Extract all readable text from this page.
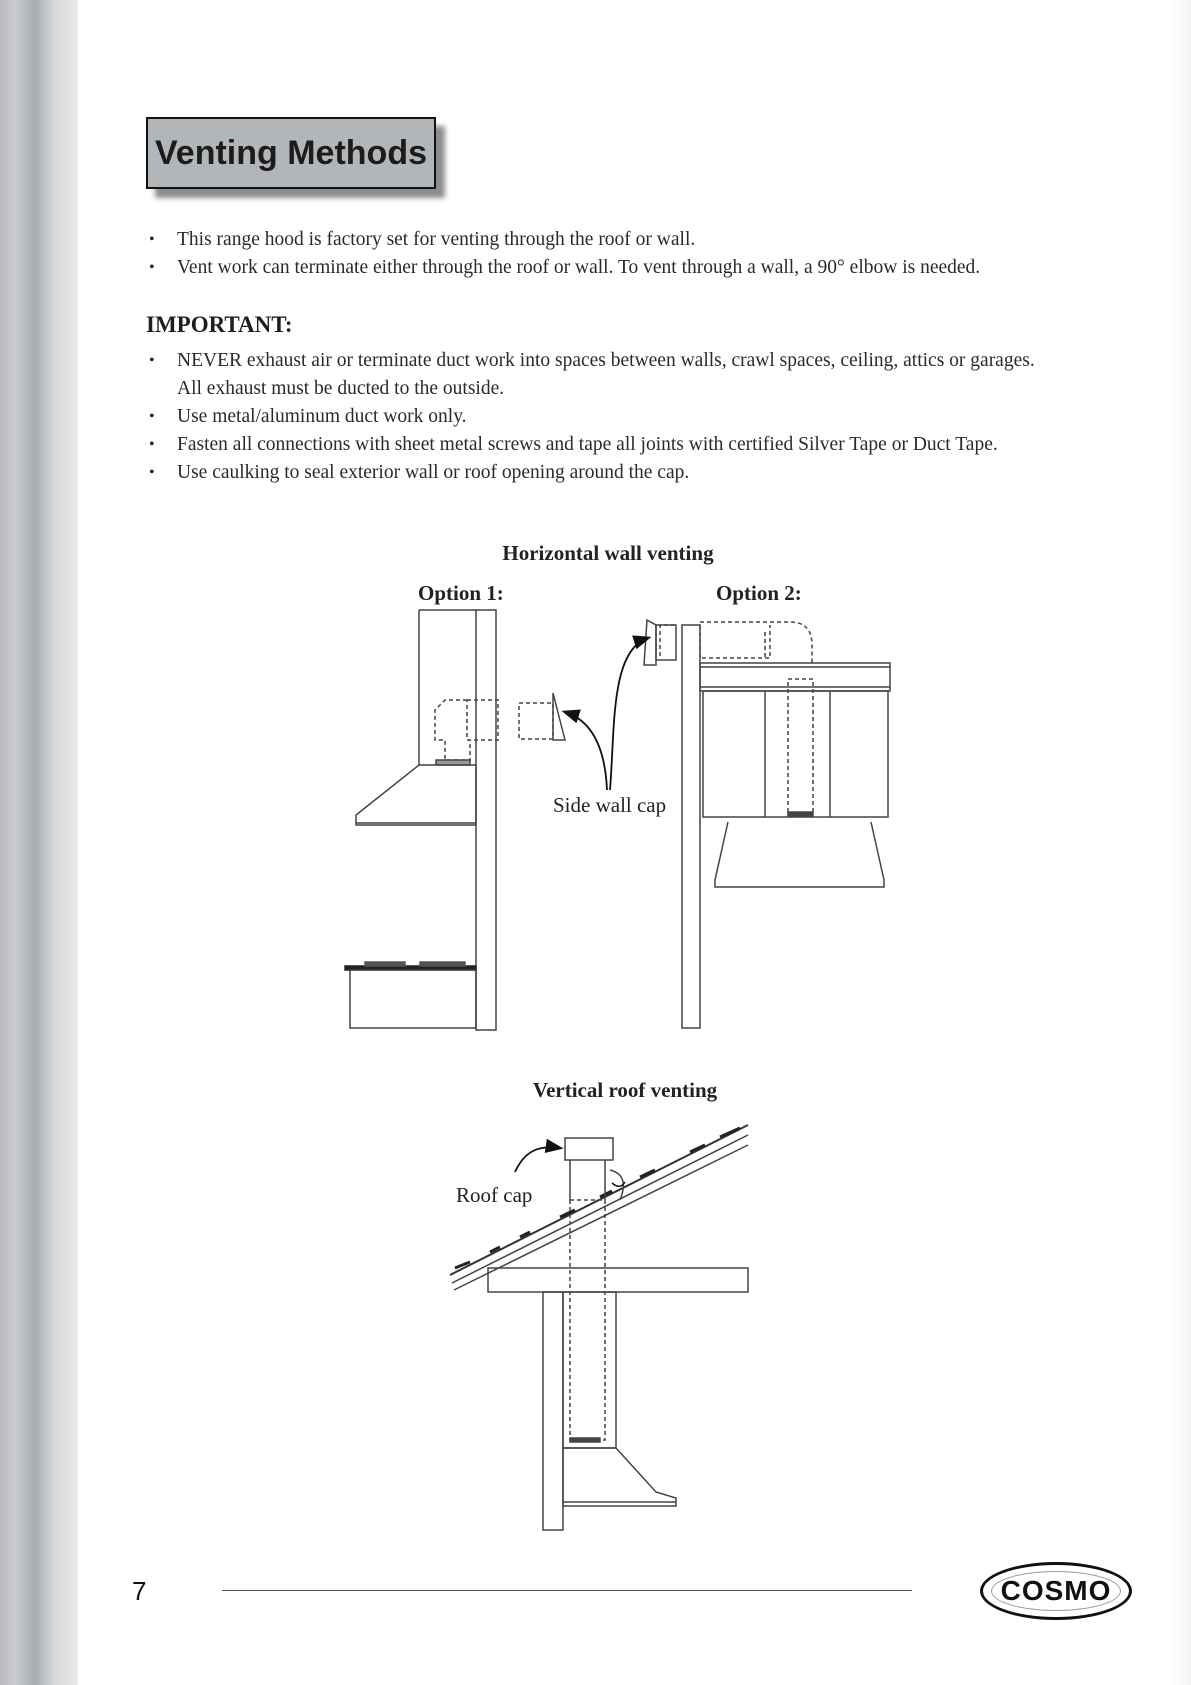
Venting Methods
• This range hood is factory set for venting through the roof or wall.
• Vent work can terminate either through the roof or wall. To vent through a wall, a 90° elbow is needed.
IMPORTANT:
• NEVER exhaust air or terminate duct work into spaces between walls, crawl spaces, ceiling, attics or garages. All exhaust must be ducted to the outside.
• Use metal/aluminum duct work only.
• Fasten all connections with sheet metal screws and tape all joints with certified Silver Tape or Duct Tape.
• Use caulking to seal exterior wall or roof opening around the cap.
Horizontal wall venting
Option 1:	Option 2:
Side wall cap
Vertical roof venting
Roof cap
7	COSMO
